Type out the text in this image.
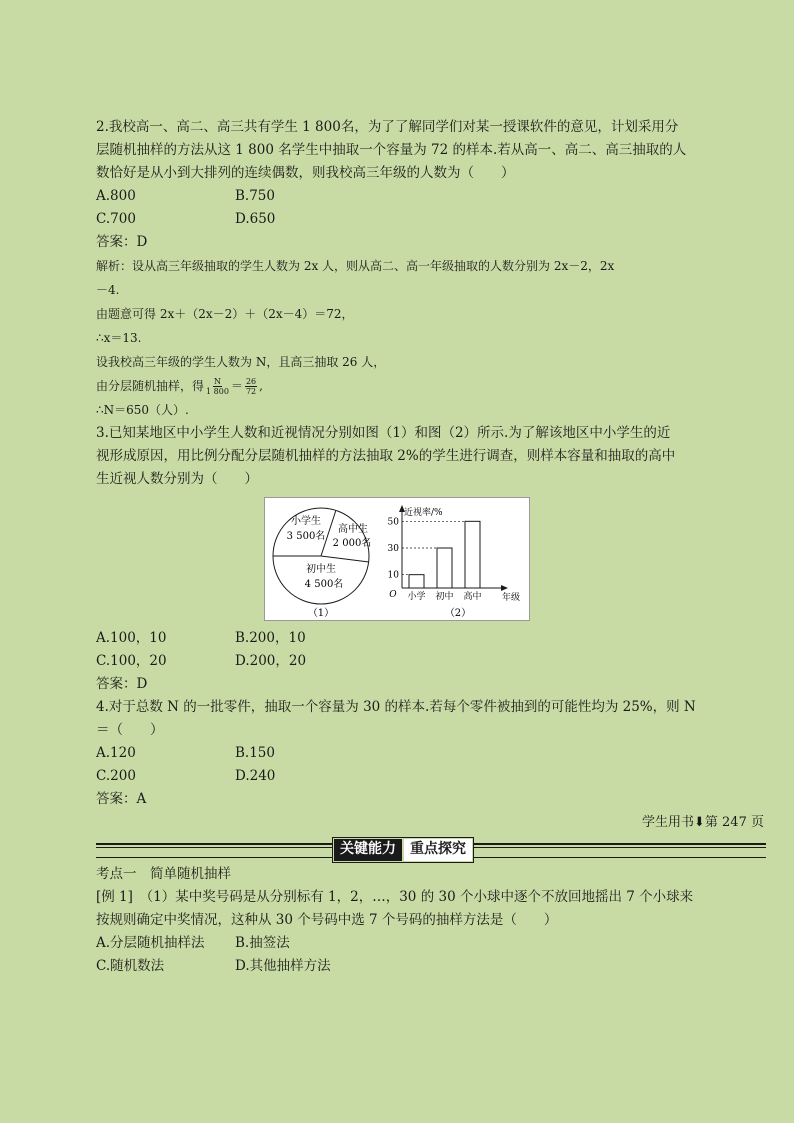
2.我校高一、高二、高三共有学生 1 800名，为了了解同学们对某一授课软件的意见，计划采用分
层随机抽样的方法从这 1 800 名学生中抽取一个容量为 72 的样本.若从高一、高二、高三抽取的人
数恰好是从小到大排列的连续偶数，则我校高三年级的人数为（　　）
A.800	B.750
C.700	D.650
答案：D
解析：设从高三年级抽取的学生人数为 2x 人，则从高二、高一年级抽取的人数分别为 2x－2，2x
－4.
由题意可得 2x＋（2x－2）＋（2x－4）＝72，
∴x＝13.
设我校高三年级的学生人数为 N，且高三抽取 26 人，
由分层随机抽样，得 $\frac{N}{1 800} = \frac{26}{72}$ ,
∴N＝650（人）.
3.已知某地区中小学生人数和近视情况分别如图（1）和图（2）所示.为了解该地区中小学生的近
视形成原因，用比例分配分层随机抽样的方法抽取 2%的学生进行调查，则样本容量和抽取的高中
生近视人数分别为（　　）
小学生
3 500名
高中生
2 000名
初中生
4 500名
（1）
近视率/%
年级
O
10
30
50
小学 初中 高中
（2）
A.100，10	B.200，10
C.100，20	D.200，20
答案：D
4.对于总数 N 的一批零件，抽取一个容量为 30 的样本.若每个零件被抽到的可能性均为 25%，则 N
＝（　　）
A.120	B.150
C.200	D.240
答案：A
学生用书⬇第 247 页
关键能力	重点探究
考点一　简单随机抽样
[例 1]　（1）某中奖号码是从分别标有 1，2，…，30 的 30 个小球中逐个不放回地摇出 7 个小球来
按规则确定中奖情况，这种从 30 个号码中选 7 个号码的抽样方法是（　　）
A.分层随机抽样法	B.抽签法
C.随机数法	D.其他抽样方法
